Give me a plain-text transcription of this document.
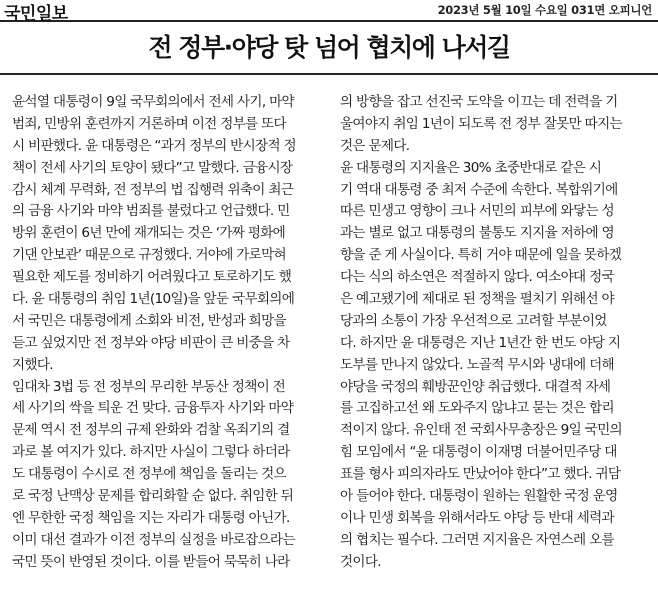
국민일보	2023년 5월 10일 수요일 031면 오피니언
전 정부·야당 탓 넘어 협치에 나서길
윤석열 대통령이 9일 국무회의에서 전세 사기, 마약
범죄, 민방위 훈련까지 거론하며 이전 정부를 또다
시 비판했다. 윤 대통령은 “과거 정부의 반시장적 정
책이 전세 사기의 토양이 됐다”고 말했다. 금융시장
감시 체계 무력화, 전 정부의 법 집행력 위축이 최근
의 금융 사기와 마약 범죄를 불렀다고 언급했다. 민
방위 훈련이 6년 만에 재개되는 것은 ‘가짜 평화에
기댄 안보관’ 때문으로 규정했다. 거야에 가로막혀
필요한 제도를 정비하기 어려웠다고 토로하기도 했
다. 윤 대통령의 취임 1년(10일)을 앞둔 국무회의에
서 국민은 대통령에게 소회와 비전, 반성과 희망을
듣고 싶었지만 전 정부와 야당 비판이 큰 비중을 차
지했다.
임대차 3법 등 전 정부의 무리한 부동산 정책이 전
세 사기의 싹을 틔운 건 맞다. 금융투자 사기와 마약
문제 역시 전 정부의 규제 완화와 검찰 옥죄기의 결
과로 볼 여지가 있다. 하지만 사실이 그렇다 하더라
도 대통령이 수시로 전 정부에 책임을 돌리는 것으
로 국정 난맥상 문제를 합리화할 순 없다. 취임한 뒤
엔 무한한 국정 책임을 지는 자리가 대통령 아닌가.
이미 대선 결과가 이전 정부의 실정을 바로잡으라는
국민 뜻이 반영된 것이다. 이를 받들어 묵묵히 나라
의 방향을 잡고 선진국 도약을 이끄는 데 전력을 기
울여야지 취임 1년이 되도록 전 정부 잘못만 따지는
것은 문제다.
윤 대통령의 지지율은 30% 초중반대로 같은 시
기 역대 대통령 중 최저 수준에 속한다. 복합위기에
따른 민생고 영향이 크나 서민의 피부에 와닿는 성
과는 별로 없고 대통령의 불통도 지지율 저하에 영
향을 준 게 사실이다. 특히 거야 때문에 일을 못하겠
다는 식의 하소연은 적절하지 않다. 여소야대 정국
은 예고됐기에 제대로 된 정책을 펼치기 위해선 야
당과의 소통이 가장 우선적으로 고려할 부분이었
다. 하지만 윤 대통령은 지난 1년간 한 번도 야당 지
도부를 만나지 않았다. 노골적 무시와 냉대에 더해
야당을 국정의 훼방꾼인양 취급했다. 대결적 자세
를 고집하고선 왜 도와주지 않냐고 묻는 것은 합리
적이지 않다. 유인태 전 국회사무총장은 9일 국민의
힘 모임에서 “윤 대통령이 이재명 더불어민주당 대
표를 형사 피의자라도 만났어야 한다”고 했다. 귀담
아 들어야 한다. 대통령이 원하는 원활한 국정 운영
이나 민생 회복을 위해서라도 야당 등 반대 세력과
의 협치는 필수다. 그러면 지지율은 자연스레 오를
것이다.
